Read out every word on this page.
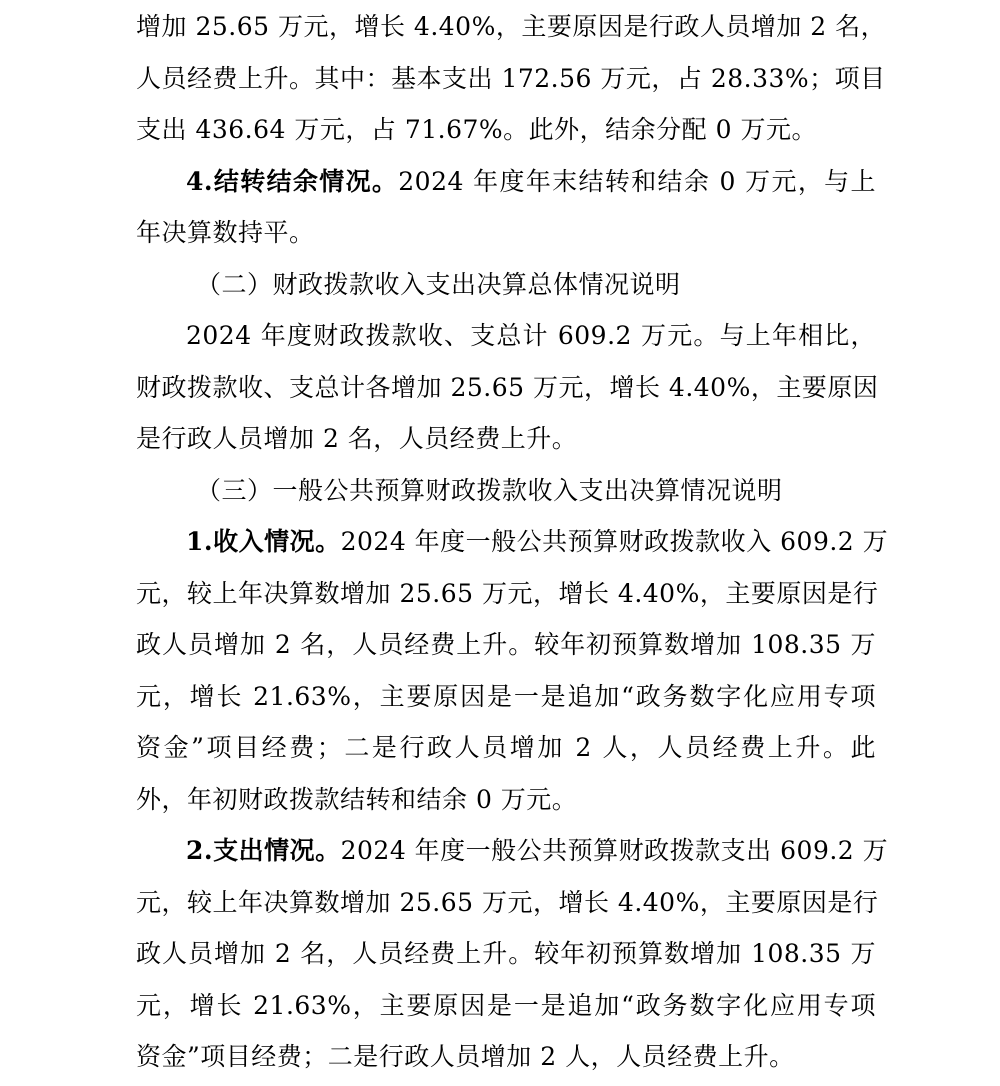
增加 25.65 万元，增长 4.40%，主要原因是行政人员增加 2 名，
人员经费上升。其中：基本支出 172.56 万元，占 28.33%；项目
支出 436.64 万元，占 71.67%。此外，结余分配 0 万元。
4.结转结余情况。2024 年度年末结转和结余 0 万元，与上
年决算数持平。
（二）财政拨款收入支出决算总体情况说明
2024 年度财政拨款收、支总计 609.2 万元。与上年相比，
财政拨款收、支总计各增加 25.65 万元，增长 4.40%，主要原因
是行政人员增加 2 名，人员经费上升。
（三）一般公共预算财政拨款收入支出决算情况说明
1.收入情况。2024 年度一般公共预算财政拨款收入 609.2 万
元，较上年决算数增加 25.65 万元，增长 4.40%，主要原因是行
政人员增加 2 名，人员经费上升。较年初预算数增加 108.35 万
元，增长 21.63%，主要原因是一是追加“政务数字化应用专项
资金”项目经费；二是行政人员增加 2 人，人员经费上升。此
外，年初财政拨款结转和结余 0 万元。
2.支出情况。2024 年度一般公共预算财政拨款支出 609.2 万
元，较上年决算数增加 25.65 万元，增长 4.40%，主要原因是行
政人员增加 2 名，人员经费上升。较年初预算数增加 108.35 万
元，增长 21.63%，主要原因是一是追加“政务数字化应用专项
资金”项目经费；二是行政人员增加 2 人，人员经费上升。
